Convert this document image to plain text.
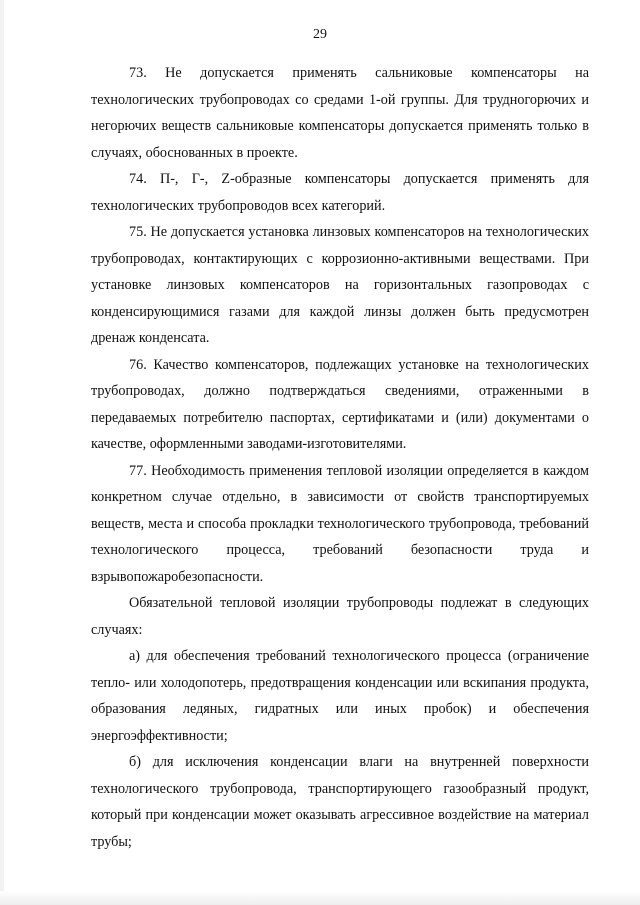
29

73. Не допускается применять сальниковые компенсаторы на технологических трубопроводах со средами 1-ой группы. Для трудногорючих и негорючих веществ сальниковые компенсаторы допускается применять только в случаях, обоснованных в проекте.

74. П-, Г-, Z-образные компенсаторы допускается применять для технологических трубопроводов всех категорий.

75. Не допускается установка линзовых компенсаторов на технологических трубопроводах, контактирующих с коррозионно-активными веществами. При установке линзовых компенсаторов на горизонтальных газопроводах с конденсирующимися газами для каждой линзы должен быть предусмотрен дренаж конденсата.

76. Качество компенсаторов, подлежащих установке на технологических трубопроводах, должно подтверждаться сведениями, отраженными в передаваемых потребителю паспортах, сертификатами и (или) документами о качестве, оформленными заводами-изготовителями.

77. Необходимость применения тепловой изоляции определяется в каждом конкретном случае отдельно, в зависимости от свойств транспортируемых веществ, места и способа прокладки технологического трубопровода, требований технологического процесса, требований безопасности труда и взрывопожаробезопасности.

Обязательной тепловой изоляции трубопроводы подлежат в следующих случаях:

а) для обеспечения требований технологического процесса (ограничение тепло- или холодопотерь, предотвращения конденсации или вскипания продукта, образования ледяных, гидратных или иных пробок) и обеспечения энергоэффективности;

б) для исключения конденсации влаги на внутренней поверхности технологического трубопровода, транспортирующего газообразный продукт, который при конденсации может оказывать агрессивное воздействие на материал трубы;
